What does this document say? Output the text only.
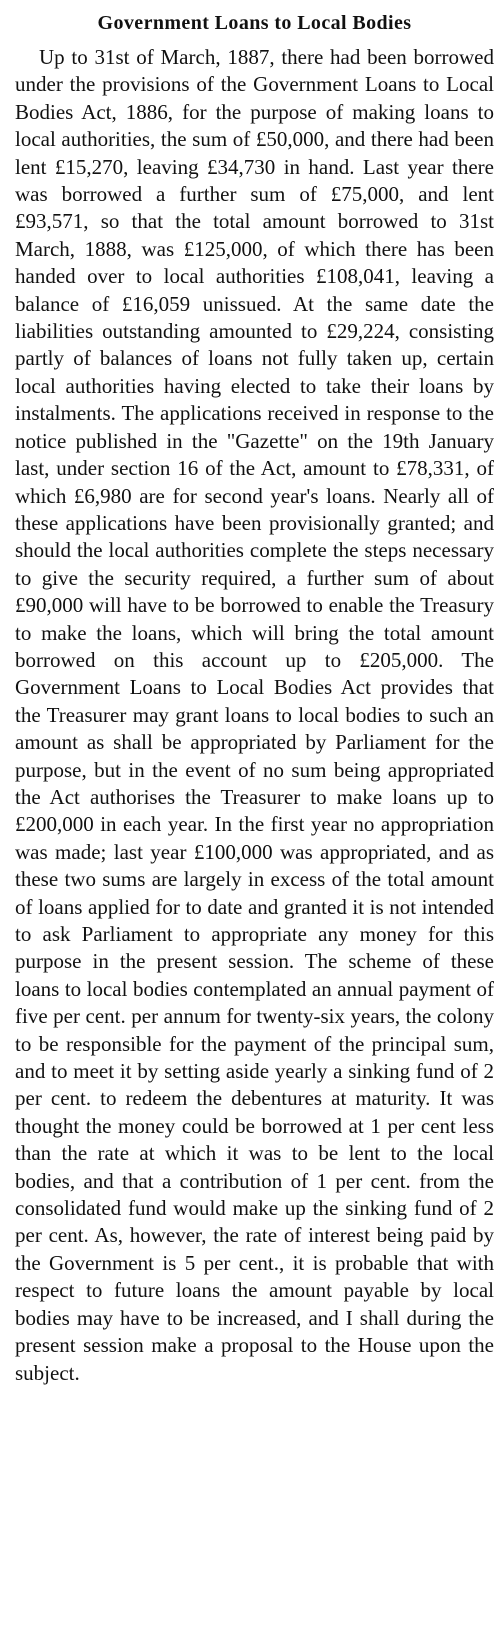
Government Loans to Local Bodies

Up to 31st of March, 1887, there had been borrowed under the provisions of the Government Loans to Local Bodies Act, 1886, for the purpose of making loans to local authorities, the sum of £50,000, and there had been lent £15,270, leaving £34,730 in hand. Last year there was borrowed a further sum of £75,000, and lent £93,571, so that the total amount borrowed to 31st March, 1888, was £125,000, of which there has been handed over to local authorities £108,041, leaving a balance of £16,059 unissued. At the same date the liabilities outstanding amounted to £29,224, consisting partly of balances of loans not fully taken up, certain local authorities having elected to take their loans by instalments. The applications received in response to the notice published in the "Gazette" on the 19th January last, under section 16 of the Act, amount to £78,331, of which £6,980 are for second year's loans. Nearly all of these applications have been provisionally granted; and should the local authorities complete the steps necessary to give the security required, a further sum of about £90,000 will have to be borrowed to enable the Treasury to make the loans, which will bring the total amount borrowed on this account up to £205,000. The Government Loans to Local Bodies Act provides that the Treasurer may grant loans to local bodies to such an amount as shall be appropriated by Parliament for the purpose, but in the event of no sum being appropriated the Act authorises the Treasurer to make loans up to £200,000 in each year. In the first year no appropriation was made; last year £100,000 was appropriated, and as these two sums are largely in excess of the total amount of loans applied for to date and granted it is not intended to ask Parliament to appropriate any money for this purpose in the present session. The scheme of these loans to local bodies contemplated an annual payment of five per cent. per annum for twenty-six years, the colony to be responsible for the payment of the principal sum, and to meet it by setting aside yearly a sinking fund of 2 per cent. to redeem the debentures at maturity. It was thought the money could be borrowed at 1 per cent less than the rate at which it was to be lent to the local bodies, and that a contribution of 1 per cent. from the consolidated fund would make up the sinking fund of 2 per cent. As, however, the rate of interest being paid by the Government is 5 per cent., it is probable that with respect to future loans the amount payable by local bodies may have to be increased, and I shall during the present session make a proposal to the House upon the subject.
